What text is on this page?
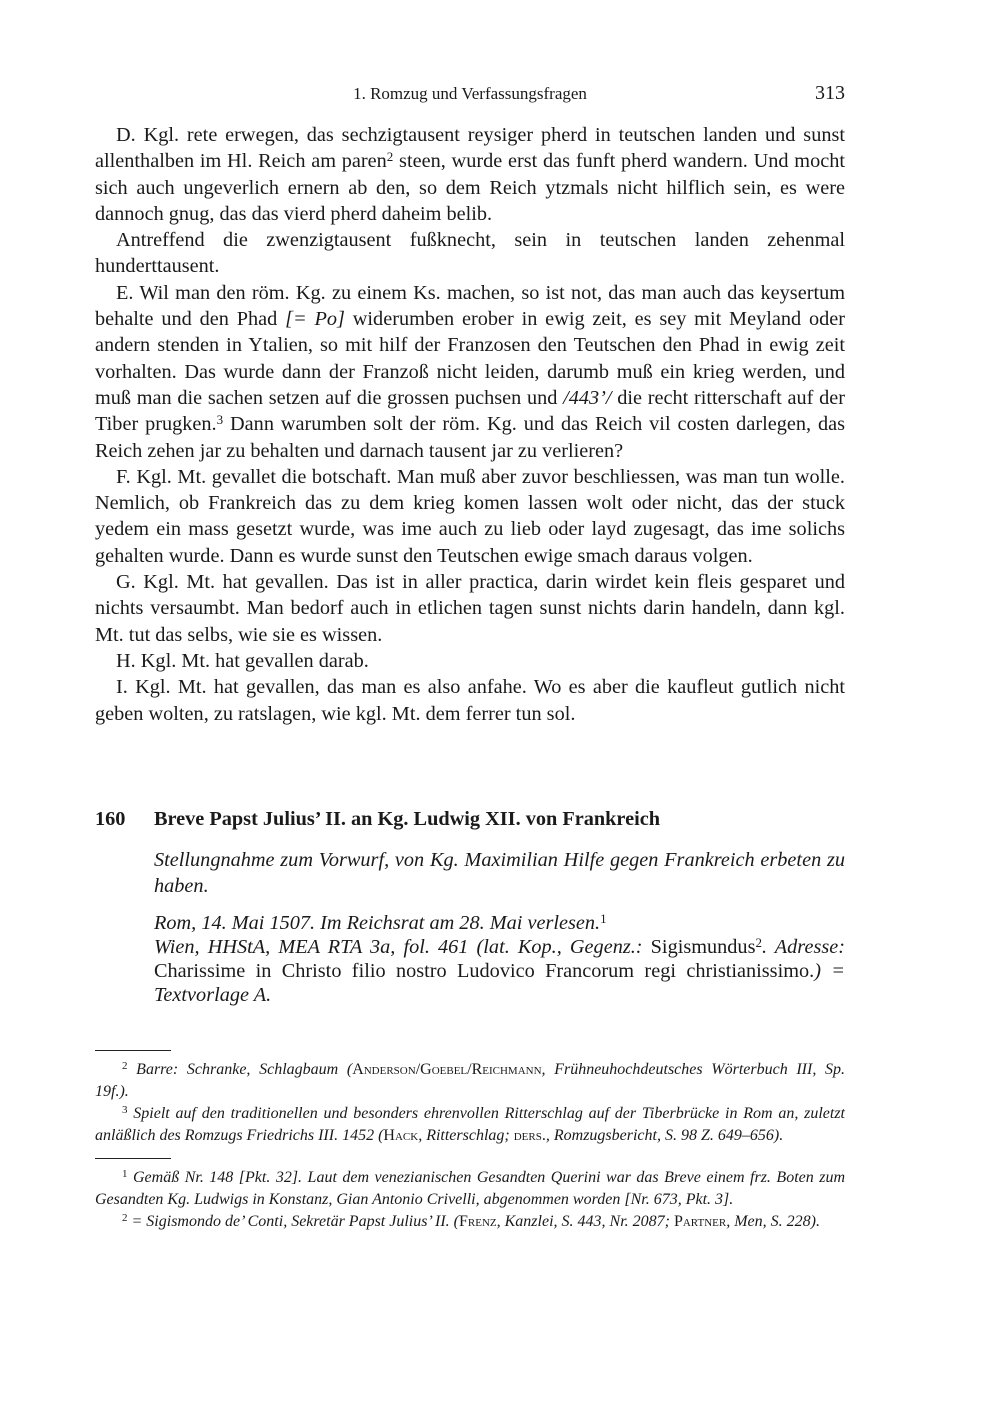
1. Romzug und Verfassungsfragen	313

D. Kgl. rete erwegen, das sechzigtausent reysiger pherd in teutschen landen und sunst allenthalben im Hl. Reich am paren$^2$ steen, wurde erst das funft pherd wandern. Und mocht sich auch ungeverlich ernern ab den, so dem Reich ytzmals nicht hilflich sein, es were dannoch gnug, das das vierd pherd daheim belib.

Antreffend die zwenzigtausent fußknecht, sein in teutschen landen zehenmal hunderttausent.

E. Wil man den röm. Kg. zu einem Ks. machen, so ist not, das man auch das keysertum behalte und den Phad [= Po] widerumben erober in ewig zeit, es sey mit Meyland oder andern stenden in Ytalien, so mit hilf der Franzosen den Teutschen den Phad in ewig zeit vorhalten. Das wurde dann der Franzoß nicht leiden, darumb muß ein krieg werden, und muß man die sachen setzen auf die grossen puchsen und /443’/ die recht ritterschaft auf der Tiber prugken.$^3$ Dann warumben solt der röm. Kg. und das Reich vil costen darlegen, das Reich zehen jar zu behalten und darnach tausent jar zu verlieren?

F. Kgl. Mt. gevallet die botschaft. Man muß aber zuvor beschliessen, was man tun wolle. Nemlich, ob Frankreich das zu dem krieg komen lassen wolt oder nicht, das der stuck yedem ein mass gesetzt wurde, was ime auch zu lieb oder layd zugesagt, das ime solichs gehalten wurde. Dann es wurde sunst den Teutschen ewige smach daraus volgen.

G. Kgl. Mt. hat gevallen. Das ist in aller practica, darin wirdet kein fleis gesparet und nichts versaumbt. Man bedorf auch in etlichen tagen sunst nichts darin handeln, dann kgl. Mt. tut das selbs, wie sie es wissen.

H. Kgl. Mt. hat gevallen darab.

I. Kgl. Mt. hat gevallen, das man es also anfahe. Wo es aber die kaufleut gutlich nicht geben wolten, zu ratslagen, wie kgl. Mt. dem ferrer tun sol.

160	Breve Papst Julius’ II. an Kg. Ludwig XII. von Frankreich
Stellungnahme zum Vorwurf, von Kg. Maximilian Hilfe gegen Frankreich erbeten zu haben.
Rom, 14. Mai 1507. Im Reichsrat am 28. Mai verlesen.$^1$
Wien, HHStA, MEA RTA 3a, fol. 461 (lat. Kop., Gegenz.: Sigismundus$^2$. Adresse: Charissime in Christo filio nostro Ludovico Francorum regi christianissimo.) = Textvorlage A.

$^2$ Barre: Schranke, Schlagbaum (Anderson/Goebel/Reichmann, Frühneuhochdeutsches Wörterbuch III, Sp. 19f.).

$^3$ Spielt auf den traditionellen und besonders ehrenvollen Ritterschlag auf der Tiberbrücke in Rom an, zuletzt anläßlich des Romzugs Friedrichs III. 1452 (Hack, Ritterschlag; ders., Romzugsbericht, S. 98 Z. 649–656).

$^1$ Gemäß Nr. 148 [Pkt. 32]. Laut dem venezianischen Gesandten Querini war das Breve einem frz. Boten zum Gesandten Kg. Ludwigs in Konstanz, Gian Antonio Crivelli, abgenommen worden [Nr. 673, Pkt. 3].

$^2$ = Sigismondo de’ Conti, Sekretär Papst Julius’ II. (Frenz, Kanzlei, S. 443, Nr. 2087; Partner, Men, S. 228).
